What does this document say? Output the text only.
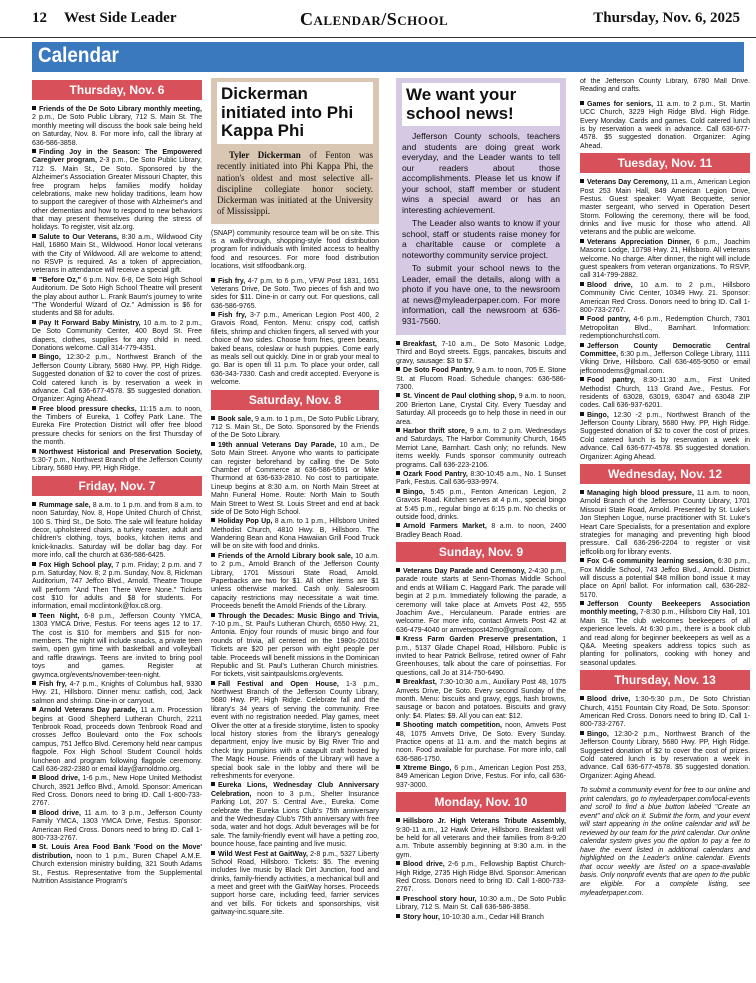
12 West Side Leader	Calendar/School	Thursday, Nov. 6, 2025
Calendar
Thursday, Nov. 6
Friends of the De Soto Library monthly meeting, 2 p.m., De Soto Public Library, 712 S. Main St. The monthly meeting will discuss the book sale being held on Saturday, Nov. 8. For more info, call the library at 636-586-3858.
Finding Joy in the Season: The Empowered Caregiver program, 2-3 p.m., De Soto Public Library, 712 S. Main St., De Soto. Sponsored by the Alzheimer's Association Greater Missouri Chapter, this free program helps families modify holiday celebrations, make new holiday traditions, learn how to support the caregiver of those with Alzheimer's and other dementias and how to respond to new behaviors that may present themselves during the stress of holidays. To register, visit alz.org.
Salute to Our Veterans, 8:30 a.m., Wildwood City Hall, 16860 Main St., Wildwood. Honor local veterans with the City of Wildwood. All are welcome to attend; no RSVP is required. As a token of appreciation, veterans in attendance will receive a special gift.
"Before Oz," 6 p.m. Nov. 6-8, De Soto High School Auditorium. De Soto High School Theatre will present the play about author L. Frank Baum's journey to write "The Wonderful Wizard of Oz." Admission is $6 for students and $8 for adults.
Pay It Forward Baby Ministry, 10 a.m. to 2 p.m., De Soto Community Center, 400 Boyd St. Free diapers, clothes, supplies for any child in need. Donations welcome. Call 314-779-4351.
Bingo, 12:30-2 p.m., Northwest Branch of the Jefferson County Library, 5680 Hwy. PP, High Ridge. Suggested donation of $2 to cover the cost of prizes. Cold catered lunch is by reservation a week in advance. Call 636-677-4578. $5 suggested donation. Organizer: Aging Ahead.
Free blood pressure checks, 11:15 a.m. to noon, the Timbers of Eureka, 1 Coffey Park Lane. The Eureka Fire Protection District will offer free blood pressure checks for seniors on the first Thursday of the month.
Northwest Historical and Preservation Society, 5:30-7 p.m., Northwest Branch of the Jefferson County Library, 5680 Hwy. PP, High Ridge.
Friday, Nov. 7
Rummage sale, 8 a.m. to 1 p.m. and from 8 a.m. to noon Saturday, Nov. 8, Hope United Church of Christ, 100 S. Third St., De Soto. The sale will feature holiday decor, upholstered chairs, a turkey roaster, adult and children's clothing, toys, books, kitchen items and knick-knacks. Saturday will be dollar bag day. For more info, call the church at 636-586-6425.
Fox High School play, 7 p.m. Friday; 2 p.m. and 7 p.m. Saturday, Nov. 8; 2 p.m. Sunday, Nov. 8, Rickman Auditorium, 747 Jeffco Blvd., Arnold. Theatre Troupe will perform "And Then There Were None." Tickets cost $10 for adults and $8 for students. For information, email mcclintonk@fox.c8.org.
Teen Night, 6-8 p.m., Jefferson County YMCA, 1303 YMCA Drive, Festus. For teens ages 12 to 17. The cost is $10 for members and $15 for non-members. The night will include snacks, a private teen swim, open gym time with basketball and volleyball and raffle drawings. Teens are invited to bring pool toys and games. Register at gwymca.org/events/november-teen-night.
Fish fry, 4-7 p.m., Knights of Columbus hall, 9330 Hwy. 21, Hillsboro. Dinner menu: catfish, cod, Jack salmon and shrimp. Dine-in or carryout.
Arnold Veterans Day parade, 11 a.m. Procession begins at Good Shepherd Lutheran Church, 2211 Tenbrook Road, proceeds down Tenbrook Road and crosses Jeffco Boulevard onto the Fox schools campus, 751 Jeffco Blvd. Ceremony held near campus flagpole. Fox High School Student Council holds luncheon and program following flagpole ceremony. Call 636-282-2380 or email klay@arnoldmo.org.
Blood drive, 1-6 p.m., New Hope United Methodist Church, 3921 Jeffco Blvd., Arnold. Sponsor: American Red Cross. Donors need to bring ID. Call 1-800-733-2767.
Blood drive, 11 a.m. to 3 p.m., Jefferson County Family YMCA, 1303 YMCA Drive, Festus. Sponsor: American Red Cross. Donors need to bring ID. Call 1-800-733-2767.
St. Louis Area Food Bank 'Food on the Move' distribution, noon to 1 p.m., Buren Chapel A.M.E. Church extension ministry building, 321 South Adams St., Festus. Representative from the Supplemental Nutrition Assistance Program's
Dickerman initiated into Phi Kappa Phi

Tyler Dickerman of Fenton was recently initiated into Phi Kappa Phi, the nation's oldest and most selective all-discipline collegiate honor society. Dickerman was initiated at the University of Mississippi.

(SNAP) community resource team will be on site. This is a walk-through, shopping-style food distribution program for individuals with limited access to healthy food and resources. For more food distribution locations, visit stlfoodbank.org.
Fish fry, 4-7 p.m. to 6 p.m., VFW Post 1831, 1651 Veterans Drive, De Soto. Two pieces of fish and two sides for $11. Dine-in or carry out. For questions, call 636-586-9765.
Fish fry, 3-7 p.m., American Legion Post 400, 2 Gravois Road, Fenton. Menu: crispy cod, catfish fillets, shrimp and chicken fingers, all served with your choice of two sides. Choose from fries, green beans, baked beans, coleslaw or hush puppies. Come early as meals sell out quickly. Dine in or grab your meal to go. Bar is open till 11 p.m. To place your order, call 636-343-7330. Cash and credit accepted. Everyone is welcome.
Saturday, Nov. 8
Book sale, 9 a.m. to 1 p.m., De Soto Public Library, 712 S. Main St., De Soto. Sponsored by the Friends of the De Soto Library.
19th annual Veterans Day Parade, 10 a.m., De Soto Main Street. Anyone who wants to participate can register beforehand by calling the De Soto Chamber of Commerce at 636-586-5591 or Mike Thurmond at 636-633-2810. No cost to participate. Lineup begins at 8:30 a.m. on North Main Street at Mahn Funeral Home. Route: North Main to South Main Street to West St. Louis Street and end at back side of De Soto High School.
Holiday Pop Up, 8 a.m. to 1 p.m., Hillsboro United Methodist Church, 4810 Hwy. B, Hillsboro. The Wandering Bean and Kona Hawaiian Grill Food Truck will be on site with food and drinks.
Friends of the Arnold Library book sale, 10 a.m. to 2 p.m., Arnold Branch of the Jefferson County Library, 1701 Missouri State Road, Arnold. Paperbacks are two for $1. All other items are $1 unless otherwise marked. Cash only. Salesroom capacity restrictions may necessitate a wait time. Proceeds benefit the Arnold Friends of the Library.
Through the Decades: Music Bingo and Trivia, 7-10 p.m., St. Paul's Lutheran Church, 6550 Hwy. 21, Antonia. Enjoy four rounds of music bingo and four rounds of trivia, all centered on the 1980s-2010s! Tickets are $20 per person with eight people per table. Proceeds will benefit missions in the Dominican Republic and St. Paul's Lutheran Church ministries. For tickets, visit saintpaulslcms.org/events.
Fall Festival and Open House, 1-3 p.m., Northwest Branch of the Jefferson County Library, 5680 Hwy. PP, High Ridge. Celebrate fall and the library's 34 years of serving the community. Free event with no registration needed. Play games, meet Oliver the otter at a fireside storytime, listen to spooky local history stories from the library's genealogy department, enjoy live music by Big River Trio and check tiny pumpkins with a catapult craft hosted by The Magic House. Friends of the Library will have a special book sale in the lobby and there will be refreshments for everyone.
Eureka Lions, Wednesday Club Anniversary Celebration, noon to 3 p.m., Shelter Insurance Parking Lot, 207 S. Central Ave., Eureka. Come celebrate the Eureka Lions Club's 75th anniversary and the Wednesday Club's 75th anniversary with free soda, water and hot dogs. Adult beverages will be for sale. The family-friendly event will have a petting zoo, bounce house, face painting and live music.
Wild West Fest at GaitWay, 2-8 p.m., 5327 Liberty School Road, Hillsboro. Tickets: $5. The evening includes live music by Black Dirt Junction, food and drinks, family-friendly activities, a mechanical bull and a meet and greet with the GaitWay horses. Proceeds support horse care, including feed, farrier services and vet bills. For tickets and sponsorships, visit gaitway-inc.square.site.
We want your school news!

Jefferson County schools, teachers and students are doing great work everyday, and the Leader wants to tell our readers about those accomplishments. Please let us know if your school, staff member or student wins a special award or has an interesting achievement.

The Leader also wants to know if your school, staff or students raise money for a charitable cause or complete a noteworthy community service project.

To submit your school news to the Leader, email the details, along with a photo if you have one, to the newsroom at news@myleaderpaper.com. For more information, call the newsroom at 636-931-7560.

Breakfast, 7-10 a.m., De Soto Masonic Lodge, Third and Boyd streets. Eggs, pancakes, biscuits and gravy, sausage: $3 to $7.
De Soto Food Pantry, 9 a.m. to noon, 705 E. Stone St. at Flucom Road. Schedule changes: 636-586-7300.
St. Vincent de Paul clothing shop, 9 a.m. to noon, 200 Brierton Lane, Crystal City. Every Tuesday and Saturday. All proceeds go to help those in need in our area.
Harbor thrift store, 9 a.m. to 2 p.m. Wednesdays and Saturdays, The Harbor Community Church, 1645 Merriot Lane, Barnhart. Cash only; no refunds. New items weekly. Funds sponsor community outreach programs. Call 636-223-2106.
Ozark Food Pantry, 8:30-10:45 a.m., No. 1 Sunset Park, Festus. Call 636-933-9974.
Bingo, 5:45 p.m., Fenton American Legion, 2 Gravois Road. Kitchen serves at 4 p.m., special bingo at 5:45 p.m., regular bingo at 6:15 p.m. No checks or outside food, drinks.
Arnold Farmers Market, 8 a.m. to noon, 2400 Bradley Beach Road.
Sunday, Nov. 9
Veterans Day Parade and Ceremony, 2-4:30 p.m., parade route starts at Senn-Thomas Middle School and ends at William C. Haggard Park. The parade will begin at 2 p.m. Immediately following the parade, a ceremony will take place at Amvets Post 42, 555 Joachim Ave., Herculaneum. Parade entries are welcome. For more info, contact Amvets Post 42 at 636-479-4040 or amvetspost42mo@gmail.com.
Kress Farm Garden Preserve presentation, 1 p.m., 5137 Glade Chapel Road, Hillsboro. Public is invited to hear Patrick Bellrose, retired owner of Fahr Greenhouses, talk about the care of poinsettias. For questions, call Jo at 314-750-6490.
Breakfast, 7:30-10:30 a.m., Auxiliary Post 48, 1075 Amvets Drive, De Soto. Every second Sunday of the month. Menu: biscuits and gravy, eggs, hash browns, sausage or bacon and potatoes. Biscuits and gravy only: $4. Plates: $9. All you can eat: $12.
Shooting match competition, noon, Amvets Post 48, 1075 Amvets Drive, De Soto. Every Sunday. Practice opens at 11 a.m. and the match begins at noon. Food available for purchase. For more info, call 636-586-1750.
Xtreme Bingo, 6 p.m., American Legion Post 253, 849 American Legion Drive, Festus. For info, call 636-937-3000.
Monday, Nov. 10
Hillsboro Jr. High Veterans Tribute Assembly, 9:30-11 a.m., 12 Hawk Drive, Hillsboro. Breakfast will be held for all veterans and their families from 8-9:20 a.m. Tribute assembly beginning at 9:30 a.m. in the gym.
Blood drive, 2-6 p.m., Fellowship Baptist Church-High Ridge, 2735 High Ridge Blvd. Sponsor: American Red Cross. Donors need to bring ID. Call 1-800-733-2767.
Preschool story hour, 10:30 a.m., De Soto Public Library, 712 S. Main St. Call 636-586-3858.
Story hour, 10-10:30 a.m., Cedar Hill Branch
of the Jefferson County Library, 6780 Mall Drive. Reading and crafts.
Games for seniors, 11 a.m. to 2 p.m., St. Martin UCC Church, 3229 High Ridge Blvd. High Ridge. Every Monday. Cards and games. Cold catered lunch is by reservation a week in advance. Call 636-677-4578. $5 suggested donation. Organizer: Aging Ahead.
Tuesday, Nov. 11
Veterans Day Ceremony, 11 a.m., American Legion Post 253 Main Hall, 849 American Legion Drive, Festus. Guest speaker: Wyatt Becquette, senior master sergeant, who served in Operation Desert Storm. Following the ceremony, there will be food, drinks and live music for those who attend. All veterans and the public are welcome.
Veterans Appreciation Dinner, 6 p.m., Joachim Masonic Lodge, 10798 Hwy. 21, Hillsboro. All veterans welcome. No charge. After dinner, the night will include guest speakers from veteran organizations. To RSVP, call 314-799-2882.
Blood drive, 10 a.m. to 2 p.m., Hillsboro Community Civic Center, 10349 Hwy. 21. Sponsor: American Red Cross. Donors need to bring ID. Call 1-800-733-2767.
Food pantry, 4-6 p.m., Redemption Church, 7301 Metropolitan Blvd., Barnhart. Information: redemptionchurchstl.com.
Jefferson County Democratic Central Committee, 6:30 p.m., Jefferson College Library, 1111 Viking Drive, Hillsboro. Call 636-465-9050 or email jeffcomodems@gmail.com.
Food pantry, 8:30-11:30 a.m., First United Methodist Church, 113 Grand Ave., Festus. For residents of 63028, 63019, 63047 and 63048 ZIP codes. Call 636-937-6201.
Bingo, 12:30 -2 p.m., Northwest Branch of the Jefferson County Library, 5680 Hwy. PP, High Ridge. Suggested donation of $2 to cover the cost of prizes. Cold catered lunch is by reservation a week in advance. Call 636-677-4578. $5 suggested donation. Organizer: Aging Ahead.
Wednesday, Nov. 12
Managing high blood pressure, 11 a.m. to noon, Arnold Branch of the Jefferson County Library, 1701 Missouri State Road, Arnold. Presented by St. Luke's Jon Stephen Logue, nurse practitioner with St. Luke's Heart Care Specialists, for a presentation and explore strategies for managing and preventing high blood pressure. Call 636-296-2204 to register or visit jeffcolib.org for library events.
Fox C-6 community learning session, 6:30 p.m., Fox Middle School, 743 Jeffco Blvd., Arnold. District will discuss a potential $48 million bond issue it may place on April ballot. For information call, 636-282-5170.
Jefferson County Beekeepers Association monthly meeting, 7-8:30 p.m., Hillsboro City Hall, 101 Main St. The club welcomes beekeepers of all experience levels. At 6:30 p.m., there is a book club and read along for beginner beekeepers as well as a Q&A. Meeting speakers address topics such as planting for pollinators, cooking with honey and seasonal updates.
Thursday, Nov. 13
Blood drive, 1:30-5:30 p.m., De Soto Christian Church, 4151 Fountain City Road, De Soto. Sponsor: American Red Cross. Donors need to bring ID. Call 1-800-733-2767.
Bingo, 12:30-2 p.m., Northwest Branch of the Jefferson County Library, 5680 Hwy. PP, High Ridge. Suggested donation of $2 to cover the cost of prizes. Cold catered lunch is by reservation a week in advance. Call 636-677-4578. $5 suggested donation. Organizer: Aging Ahead.
To submit a community event for free to our online and print calendars, go to myleaderpaper.com/local-events and scroll to find a blue button labeled "Create an event" and click on it. Submit the form, and your event will start appearing in the online calendar and will be reviewed by our team for the print calendar. Our online calendar system gives you the option to pay a fee to have the event listed in additional calendars and highlighted on the Leader's online calendar. Events that occur weekly are listed on a space-available basis. Only nonprofit events that are open to the public are eligible. For a complete listing, see myleaderpaper.com.
